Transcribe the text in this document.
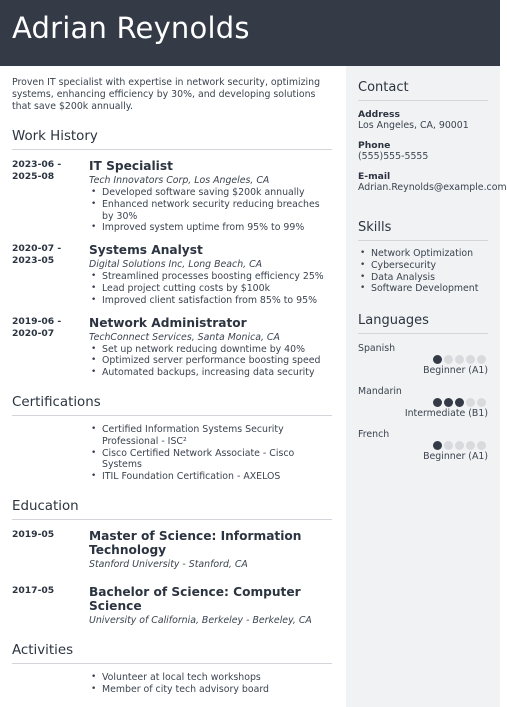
Adrian Reynolds
Contact
Address
Los Angeles, CA, 90001
Phone
(555)555-5555
E-mail
Adrian.Reynolds@example.com
Skills
• Network Optimization
• Cybersecurity
• Data Analysis
• Software Development
Languages
Spanish
Beginner (A1)
Mandarin
Intermediate (B1)
French
Beginner (A1)
Proven IT specialist with expertise in network security, optimizing systems, enhancing efficiency by 30%, and developing solutions that save $200k annually.
Work History
2023-06 -
2025-08
IT Specialist
Tech Innovators Corp, Los Angeles, CA
• Developed software saving $200k annually
• Enhanced network security reducing breaches by 30%
• Improved system uptime from 95% to 99%
2020-07 -
2023-05
Systems Analyst
Digital Solutions Inc, Long Beach, CA
• Streamlined processes boosting efficiency 25%
• Lead project cutting costs by $100k
• Improved client satisfaction from 85% to 95%
2019-06 -
2020-07
Network Administrator
TechConnect Services, Santa Monica, CA
• Set up network reducing downtime by 40%
• Optimized server performance boosting speed
• Automated backups, increasing data security
Certifications
• Certified Information Systems Security Professional - ISC²
• Cisco Certified Network Associate - Cisco Systems
• ITIL Foundation Certification - AXELOS
Education
2019-05	Master of Science: Information Technology
Stanford University - Stanford, CA
2017-05	Bachelor of Science: Computer Science
University of California, Berkeley - Berkeley, CA
Activities
• Volunteer at local tech workshops
• Member of city tech advisory board
